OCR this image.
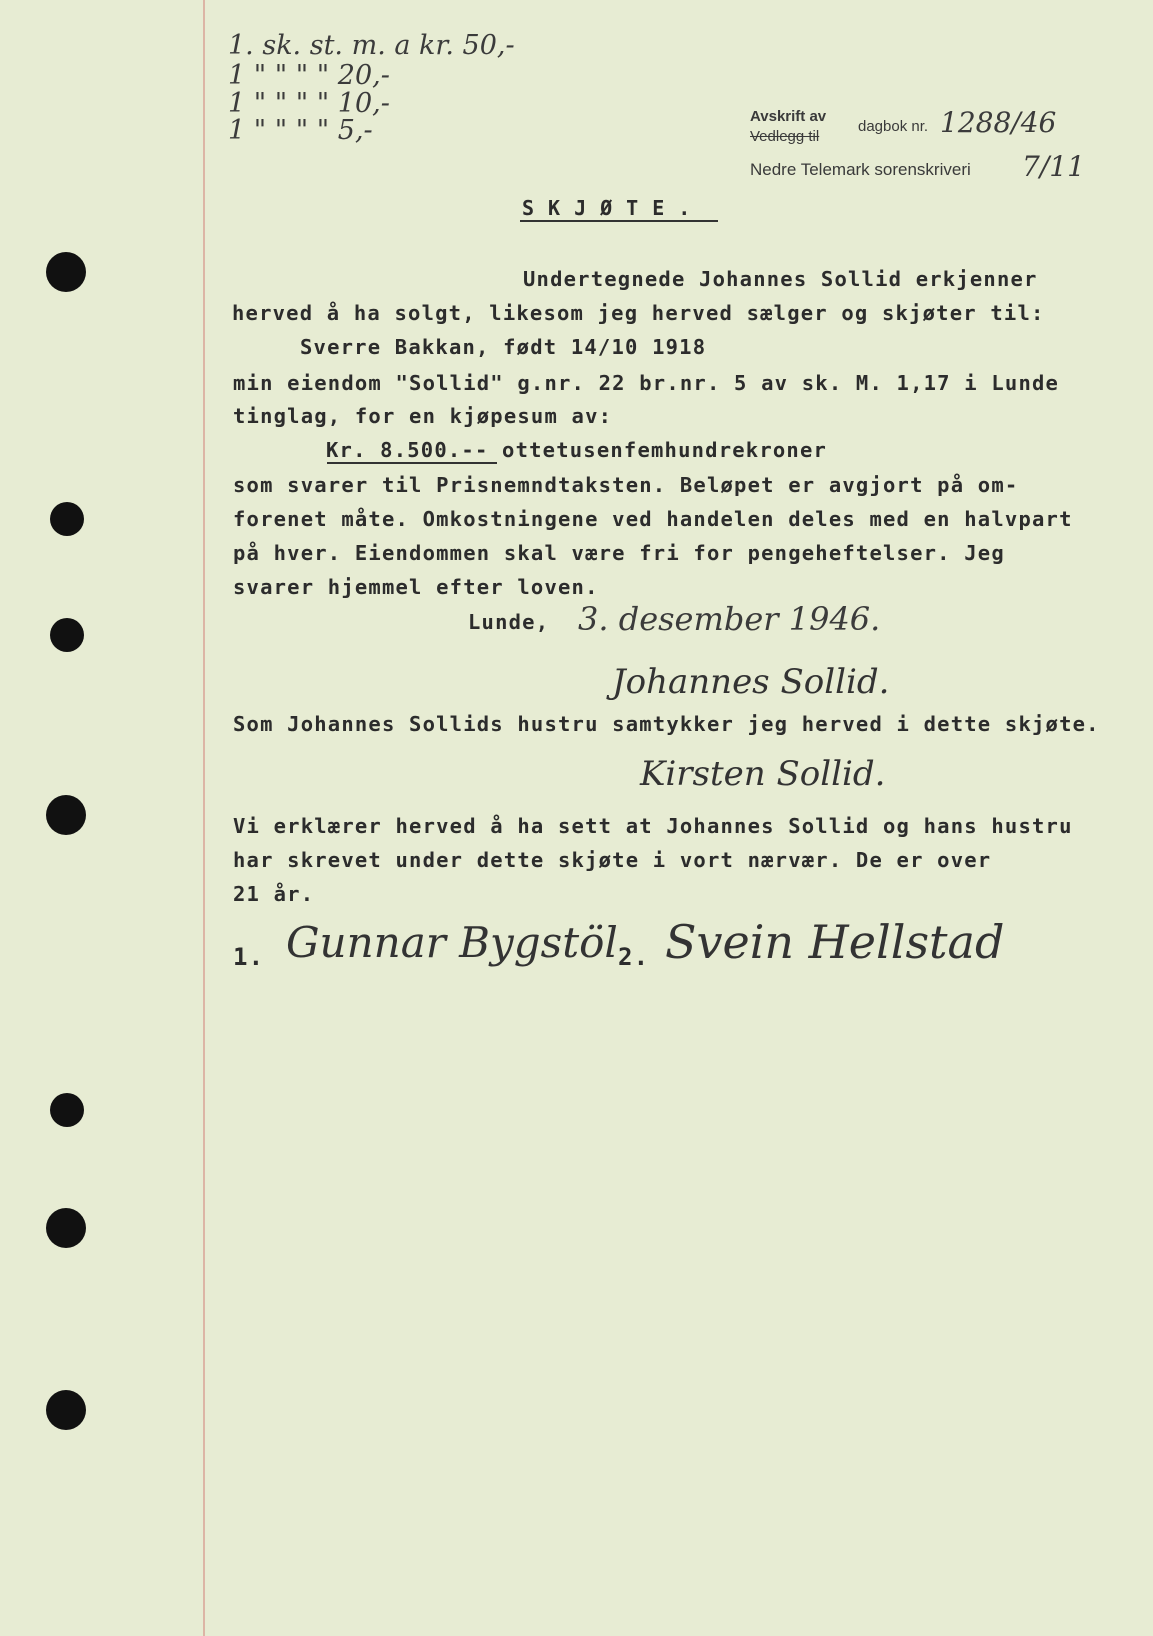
1. sk. st. m. a kr. 50,-
1 " " " " 20,-
1 " " " " 10,-
1 " " " " 5,-	Avskrift av
Vedlegg til
dagbok nr. 1288/46
Nedre Telemark sorenskriveri 7/11
SKJØTE.
Undertegnede Johannes Sollid erkjenner
herved å ha solgt, likesom jeg herved sælger og skjøter til:
Sverre Bakkan, født 14/10 1918
min eiendom "Sollid" g.nr. 22 br.nr. 5 av sk. M. 1,17 i Lunde
tinglag, for en kjøpesum av:
Kr. 8.500.-- ottetusenfemhundrekroner
som svarer til Prisnemndtaksten. Beløpet er avgjort på om-
forenet måte. Omkostningene ved handelen deles med en halvpart
på hver. Eiendommen skal være fri for pengeheftelser. Jeg
svarer hjemmel efter loven.
Lunde, 3. desember 1946.
Johannes Sollid.
Som Johannes Sollids hustru samtykker jeg herved i dette skjøte.
Kirsten Sollid.
Vi erklærer herved å ha sett at Johannes Sollid og hans hustru
har skrevet under dette skjøte i vort nærvær. De er over
21 år.
1. Gunnar Bygstöl 2. Svein Hellstad
